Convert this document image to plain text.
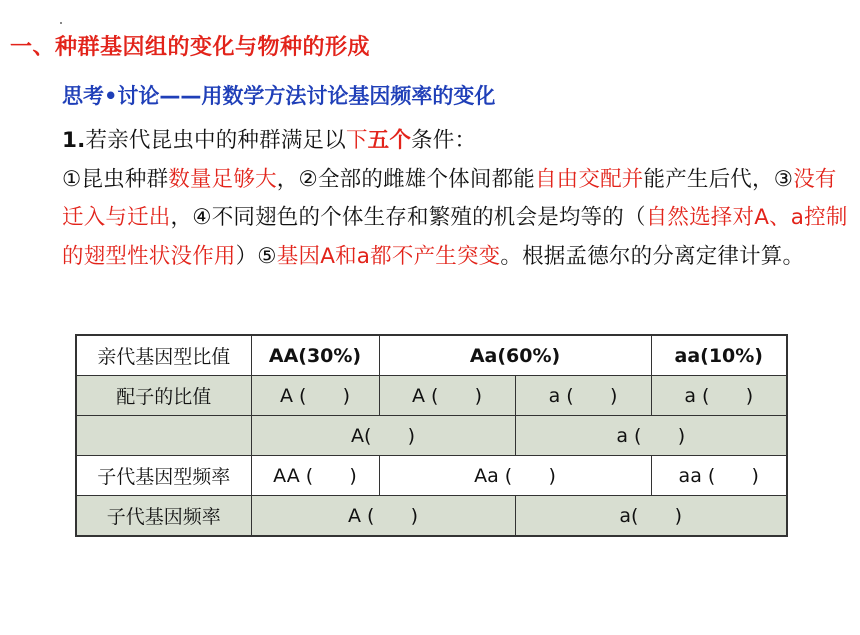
一、种群基因组的变化与物种的形成
思考•讨论——用数学方法讨论基因频率的变化
1.若亲代昆虫中的种群满足以下五个条件：
①昆虫种群数量足够大，②全部的雌雄个体间都能自由交配并能产生后代，③没有迁入与迁出，④不同翅色的个体生存和繁殖的机会是均等的（自然选择对A、a控制的翅型性状没作用）⑤基因A和a都不产生突变。根据孟德尔的分离定律计算。
亲代基因型比值	AA(30%)	Aa(60%)		aa(10%)
配子的比值	A (      )	A (      )	a (      )	a (      )
	A(      )		a (      )	
子代基因型频率	AA (      )	Aa (      )		aa (      )
子代基因频率	A (      )		a(      )	
